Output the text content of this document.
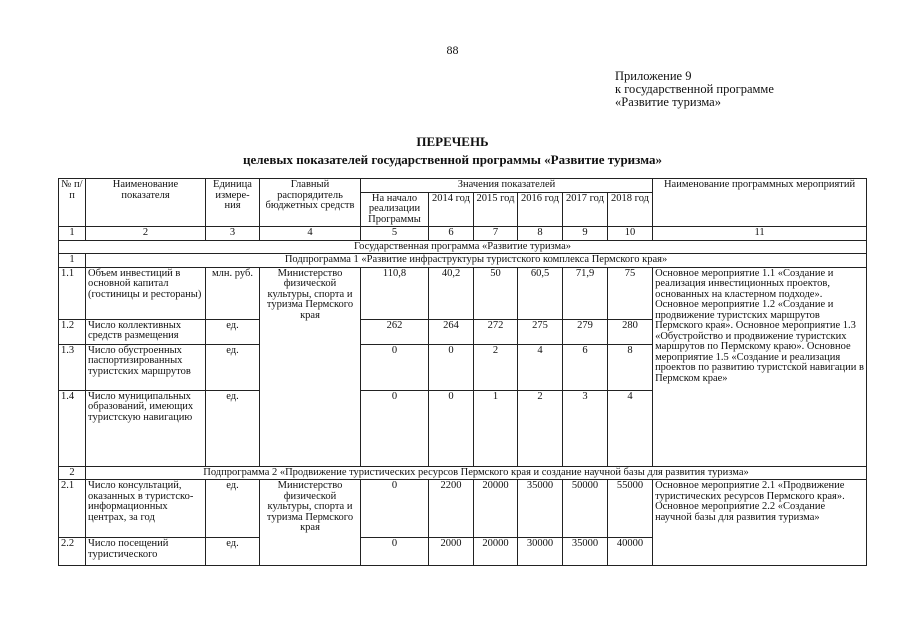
88
Приложение 9
к государственной программе
«Развитие туризма»
ПЕРЕЧЕНЬ
целевых показателей государственной программы «Развитие туризма»
№ п/п	Наименование показателя	Единица измере-ния	Главный распорядитель бюджетных средств	Значения показателей						Наименование программных мероприятий
				На начало реализации Программы	2014 год	2015 год	2016 год	2017 год	2018 год	
1	2	3	4	5	6	7	8	9	10	11
Государственная программа «Развитие туризма»										
1	Подпрограмма 1 «Развитие инфраструктуры туристского комплекса Пермского края»									
1.1	Объем инвестиций в основной капитал (гостиницы и рестораны)	млн. руб.	Министерство физической культуры, спорта и туризма Пермского края	110,8	40,2	50	60,5	71,9	75	Основное мероприятие 1.1 «Создание и реализация инвестиционных проектов, основанных на кластерном подходе». Основное мероприятие 1.2 «Создание и продвижение туристских маршрутов Пермского края». Основное мероприятие 1.3 «Обустройство и продвижение туристских маршрутов по Пермскому краю». Основное мероприятие 1.5 «Создание и реализация проектов по развитию туристской навигации в Пермском крае»
1.2	Число коллективных средств размещения	ед.		262	264	272	275	279	280	
1.3	Число обустроенных паспортизированных туристских маршрутов	ед.		0	0	2	4	6	8	
1.4	Число муниципальных образований, имеющих туристскую навигацию	ед.		0	0	1	2	3	4	
2	Подпрограмма 2 «Продвижение туристических ресурсов Пермского края и создание научной базы для развития туризма»									
2.1	Число консультаций, оказанных в туристско-информационных центрах, за год	ед.	Министерство физической культуры, спорта и туризма Пермского края	0	2200	20000	35000	50000	55000	Основное мероприятие 2.1 «Продвижение туристических ресурсов Пермского края». Основное мероприятие 2.2 «Создание научной базы для развития туризма»
2.2	Число посещений туристического	ед.		0	2000	20000	30000	35000	40000	
